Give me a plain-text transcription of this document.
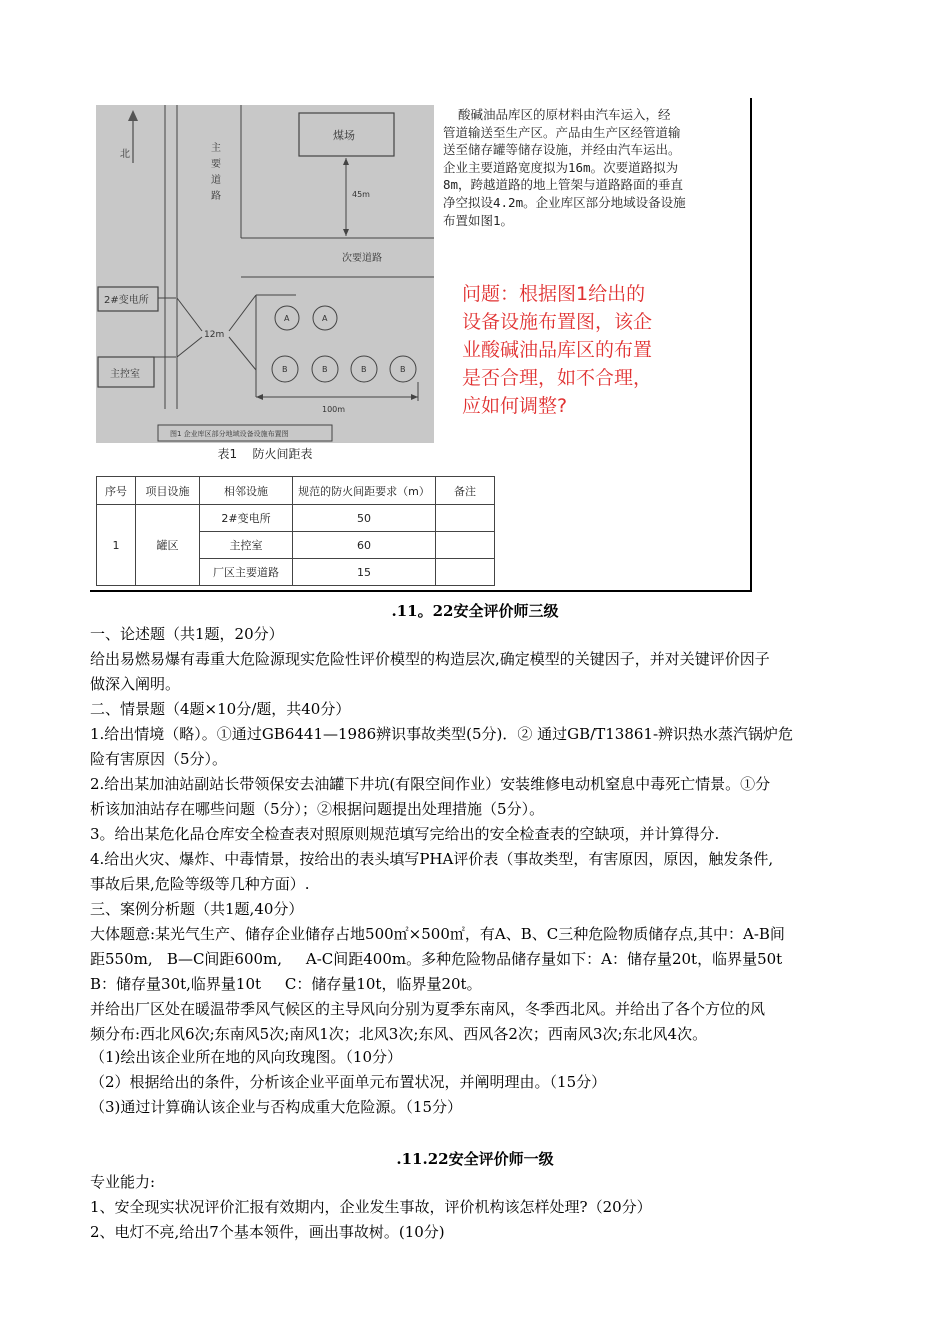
北
主
要
道
路
煤场
45m
次要道路
2#变电所
主控室
12m
A	A
B	B	B	B
100m
图1 企业库区部分地域设备设施布置图
酸碱油品库区的原材料由汽车运入，经
管道输送至生产区。产品由生产区经管道输
送至储存罐等储存设施，并经由汽车运出。
企业主要道路宽度拟为16m。次要道路拟为
8m，跨越道路的地上管架与道路路面的垂直
净空拟设4.2m。企业库区部分地域设备设施
布置如图1。
问题：根据图1给出的
设备设施布置图，该企
业酸碱油品库区的布置
是否合理，如不合理，
应如何调整?
表1    防火间距表
序号	项目设施	相邻设施	规范的防火间距要求（m）	备注
1	罐区	2#变电所	50	
		主控室	60	
		厂区主要道路	15	
.11。22安全评价师三级
一、论述题（共1题，20分）
给出易燃易爆有毒重大危险源现实危险性评价模型的构造层次,确定模型的关键因子，并对关键评价因子
做深入阐明。
二、情景题（4题×10分/题，共40分）
1.给出情境（略）。①通过GB6441—1986辨识事故类型(5分)．② 通过GB/T13861-辨识热水蒸汽锅炉危
险有害原因（5分）。
2.给出某加油站副站长带领保安去油罐下井坑(有限空间作业）安装维修电动机窒息中毒死亡情景。①分
析该加油站存在哪些问题（5分）；②根据问题提出处理措施（5分）。
3。给出某危化品仓库安全检查表对照原则规范填写完给出的安全检查表的空缺项，并计算得分.
4.给出火灾、爆炸、中毒情景，按给出的表头填写PHA评价表（事故类型，有害原因，原因，触发条件,
事故后果,危险等级等几种方面）.
三、案例分析题（共1题,40分）
大体题意:某光气生产、储存企业储存占地500㎡×500㎡，有A、B、C三种危险物质储存点,其中：A-B间
距550m,   B—C间距600m,     A-C间距400m。多种危险物品储存量如下：A：储存量20t，临界量50t
B：储存量30t,临界量10t     C：储存量10t，临界量20t。
并给出厂区处在暖温带季风气候区的主导风向分别为夏季东南风，冬季西北风。并给出了各个方位的风
频分布:西北风6次;东南风5次;南风1次；北风3次;东风、西风各2次；西南风3次;东北风4次。
（1)绘出该企业所在地的风向玫瑰图。（10分）
（2）根据给出的条件，分析该企业平面单元布置状况，并阐明理由。（15分）
（3)通过计算确认该企业与否构成重大危险源。（15分）
.11.22安全评价师一级
专业能力:
1、安全现实状况评价汇报有效期内，企业发生事故，评价机构该怎样处理?（20分）
2、电灯不亮,给出7个基本领件，画出事故树。(10分)
